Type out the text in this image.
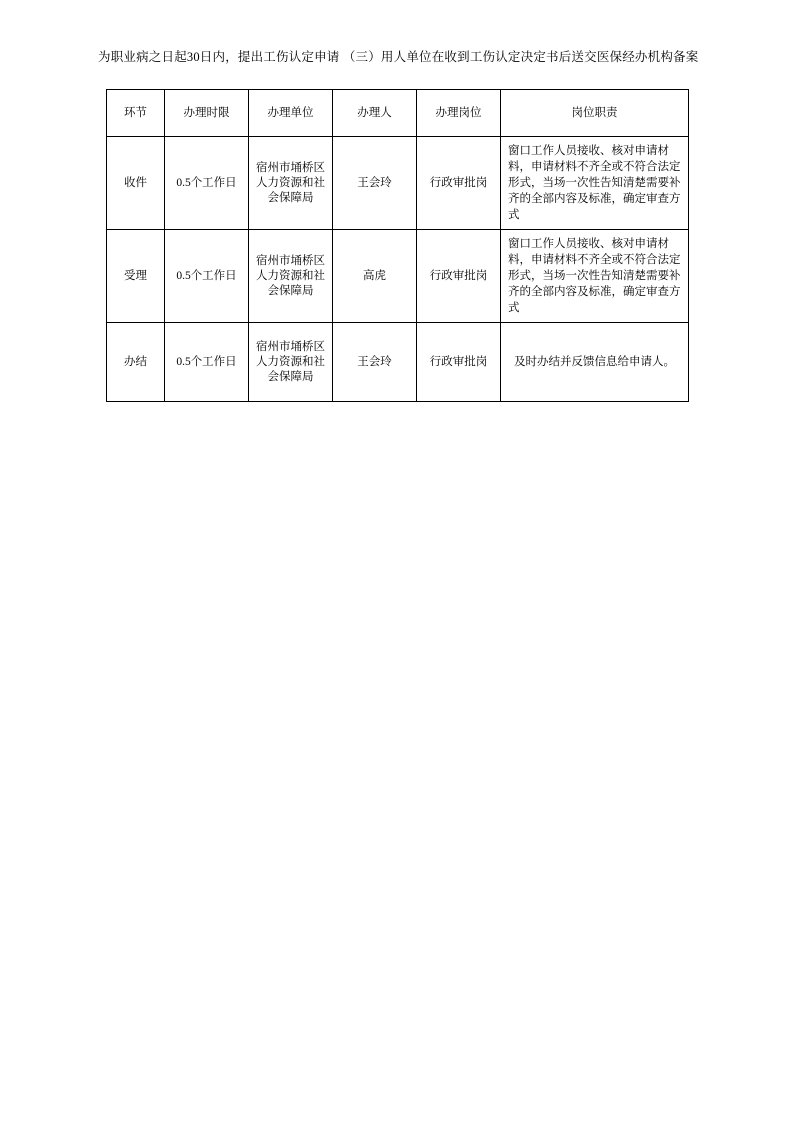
为职业病之日起30日内，提出工伤认定申请 （三）用人单位在收到工伤认定决定书后送交医保经办机构备案
环节	办理时限	办理单位	办理人	办理岗位	岗位职责
收件	0.5个工作日	宿州市埇桥区人力资源和社会保障局	王会玲	行政审批岗	窗口工作人员接收、核对申请材料，申请材料不齐全或不符合法定形式，当场一次性告知清楚需要补齐的全部内容及标准，确定审查方式
受理	0.5个工作日	宿州市埇桥区人力资源和社会保障局	高虎	行政审批岗	窗口工作人员接收、核对申请材料，申请材料不齐全或不符合法定形式，当场一次性告知清楚需要补齐的全部内容及标准，确定审查方式
办结	0.5个工作日	宿州市埇桥区人力资源和社会保障局	王会玲	行政审批岗	及时办结并反馈信息给申请人。
